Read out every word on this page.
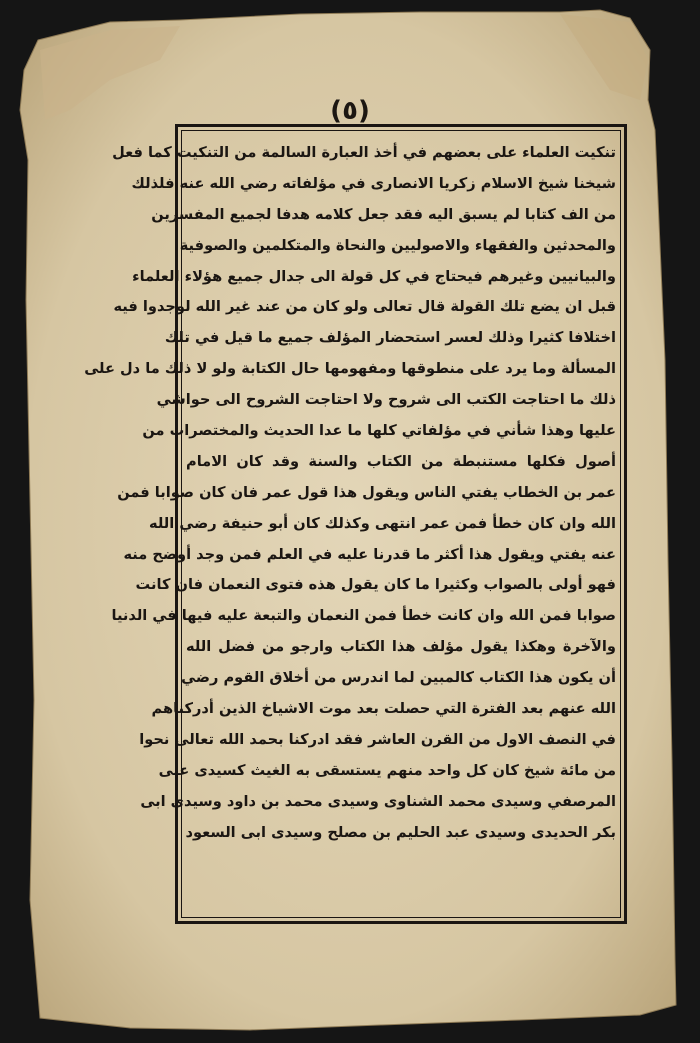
(٥)
تنكيت العلماء على بعضهم في أخذ العبارة السالمة من التنكيت كما فعل
شيخنا شيخ الاسلام زكريا الانصارى في مؤلفاته رضي الله عنه فلذلك
من الف كتابا لم يسبق اليه فقد جعل كلامه هدفا لجميع المفسرين
والمحدثين والفقهاء والاصوليين والنحاة والمتكلمين والصوفية
والبيانيين وغيرهم فيحتاج في كل قولة الى جدال جميع هؤلاء العلماء
قبل ان يضع تلك القولة قال تعالى ولو كان من عند غير الله لوجدوا فيه
اختلافا كثيرا وذلك لعسر استحضار المؤلف جميع ما قيل في تلك
المسألة وما يرد على منطوقها ومفهومها حال الكتابة ولو لا ذلك ما دل على
ذلك ما احتاجت الكتب الى شروح ولا احتاجت الشروح الى حواشي
عليها وهذا شأني في مؤلفاتي كلها ما عدا الحديث والمختصرات من
أصول فكلها مستنبطة من الكتاب والسنة وقد كان الامام
عمر بن الخطاب يفتي الناس ويقول هذا قول عمر فان كان صوابا فمن
الله وان كان خطأ فمن عمر انتهى وكذلك كان أبو حنيفة رضي الله
عنه يفتي ويقول هذا أكثر ما قدرنا عليه في العلم فمن وجد أوضح منه
فهو أولى بالصواب وكثيرا ما كان يقول هذه فتوى النعمان فان كانت
صوابا فمن الله وان كانت خطأ فمن النعمان والتبعة عليه فيها في الدنيا
والآخرة وهكذا يقول مؤلف هذا الكتاب وارجو من فضل الله
أن يكون هذا الكتاب كالمبين لما اندرس من أخلاق القوم رضي
الله عنهم بعد الفترة التي حصلت بعد موت الاشياخ الذين أدركناهم
في النصف الاول من القرن العاشر فقد ادركنا بحمد الله تعالى نحوا
من مائة شيخ كان كل واحد منهم يستسقى به الغيث كسيدى على
المرصفي وسيدى محمد الشناوى وسيدى محمد بن داود وسيدى ابى
بكر الحديدى وسيدى عبد الحليم بن مصلح وسيدى ابى السعود
